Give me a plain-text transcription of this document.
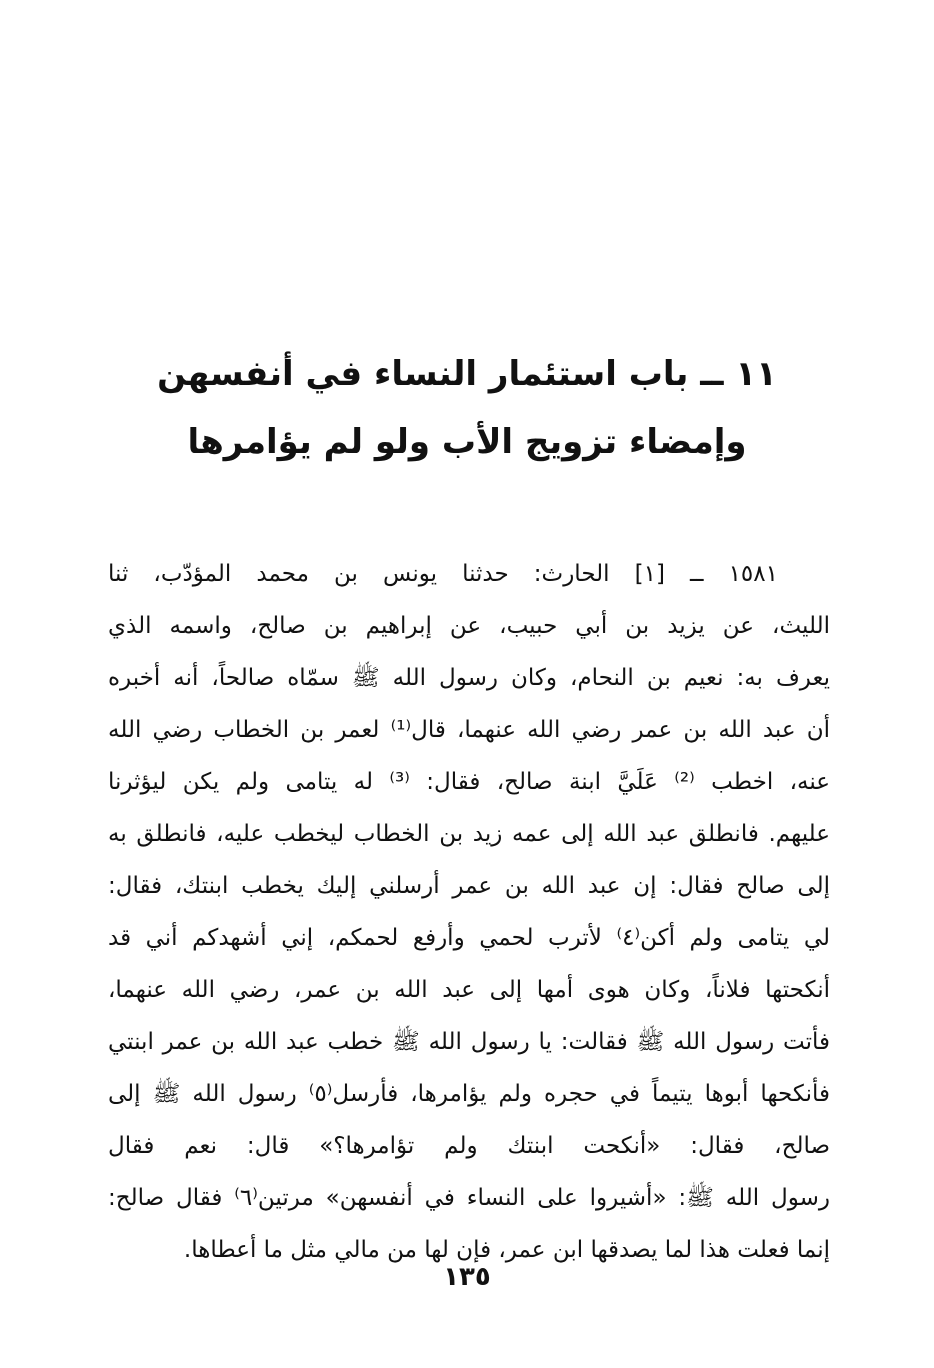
١١ ــ باب استئمار النساء في أنفسهن
وإمضاء تزويج الأب ولو لم يؤامرها
١٥٨١ ــ [١] الحارث: حدثنا يونس بن محمد المؤدّب، ثنا
الليث، عن يزيد بن أبي حبيب، عن إبراهيم بن صالح، واسمه الذي
يعرف به: نعيم بن النحام، وكان رسول الله ﷺ سمّاه صالحاً، أنه أخبره
أن عبد الله بن عمر رضي الله عنهما، قال⁽¹⁾ لعمر بن الخطاب رضي الله
عنه، اخطب ⁽²⁾ عَلَيَّ ابنة صالح، فقال: ⁽³⁾ له يتامى ولم يكن ليؤثرنا
عليهم. فانطلق عبد الله إلى عمه زيد بن الخطاب ليخطب عليه، فانطلق به
إلى صالح فقال: إن عبد الله بن عمر أرسلني إليك يخطب ابنتك، فقال:
لي يتامى ولم أكن⁽٤⁾ لأترب لحمي وأرفع لحمكم، إني أشهدكم أني قد
أنكحتها فلاناً، وكان هوى أمها إلى عبد الله بن عمر، رضي الله عنهما،
فأتت رسول الله ﷺ فقالت: يا رسول الله ﷺ خطب عبد الله بن عمر ابنتي
فأنكحها أبوها يتيماً في حجره ولم يؤامرها، فأرسل⁽٥⁾ رسول الله ﷺ إلى
صالح، فقال: «أنكحت ابنتك ولم تؤامرها؟» قال: نعم فقال
رسول الله ﷺ: «أشيروا على النساء في أنفسهن» مرتين⁽٦⁾ فقال صالح:
إنما فعلت هذا لما يصدقها ابن عمر، فإن لها من مالي مثل ما أعطاها.
١٣٥
